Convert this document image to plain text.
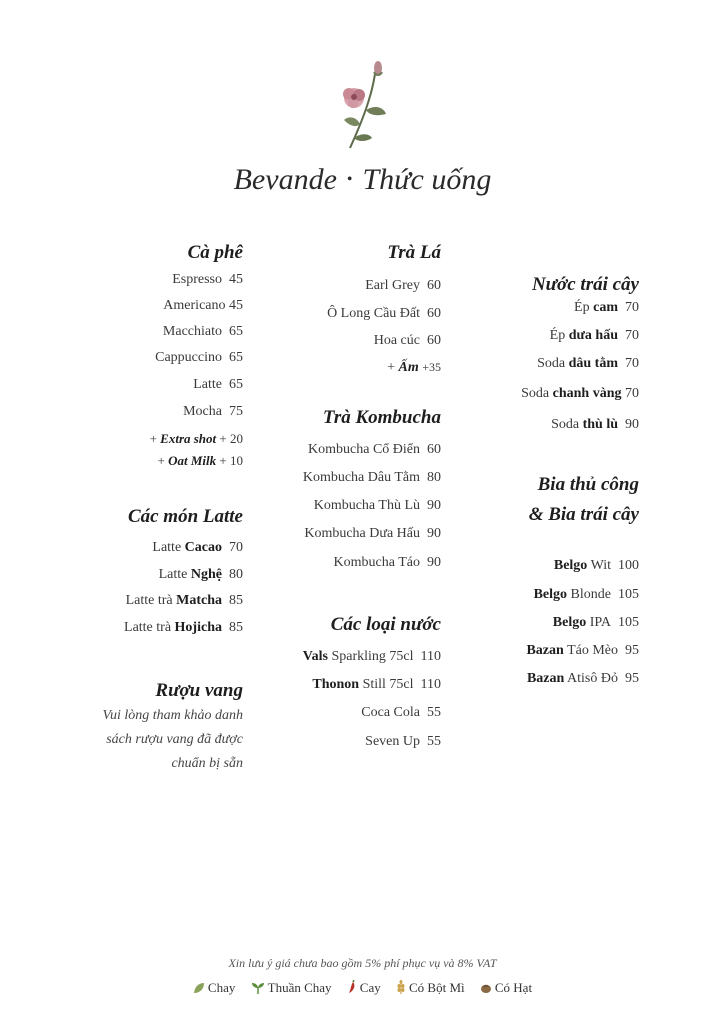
Bevande • Thức uống
Cà phê
Espresso 45
Americano 45
Macchiato 65
Cappuccino 65
Latte 65
Mocha 75
+ Extra shot + 20
+ Oat Milk + 10
Các món Latte
Latte Cacao 70
Latte Nghệ 80
Latte trà Matcha 85
Latte trà Hojicha 85
Rượu vang
Vui lòng tham khảo danh
sách rượu vang đã được
chuẩn bị sẵn
Trà Lá
Earl Grey 60
Ô Long Cầu Đất 60
Hoa cúc 60
+ Ấm +35
Trà Kombucha
Kombucha Cổ Điển 60
Kombucha Dâu Tằm 80
Kombucha Thù Lù 90
Kombucha Dưa Hấu 90
Kombucha Táo 90
Các loại nước
Vals Sparkling 75cl 110
Thonon Still 75cl 110
Coca Cola 55
Seven Up 55
Nước trái cây
Ép cam 70
Ép dưa hấu 70
Soda dâu tằm 70
Soda chanh vàng 70
Soda thù lù 90
Bia thủ công
& Bia trái cây
Belgo Wit 100
Belgo Blonde 105
Belgo IPA 105
Bazan Táo Mèo 95
Bazan Atisô Đỏ 95
Xin lưu ý giá chưa bao gồm 5% phí phục vụ và 8% VAT
Chay Thuần Chay Cay Có Bột Mì Có Hạt
